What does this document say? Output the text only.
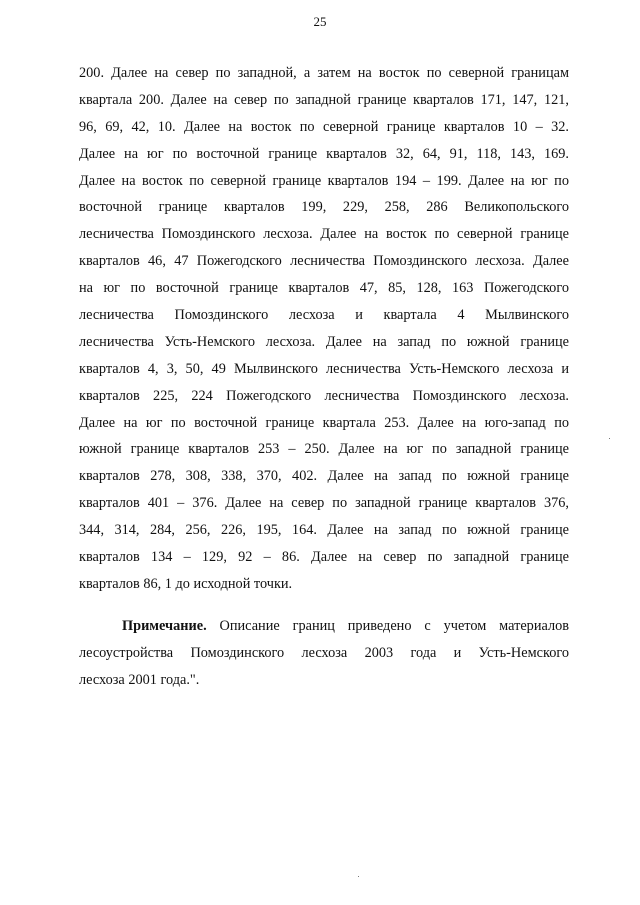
25
200. Далее на север по западной, а затем на восток по северной границам
квартала 200. Далее на север по западной границе кварталов 171, 147, 121,
96, 69, 42, 10. Далее на восток по северной границе кварталов 10 – 32.
Далее на юг по восточной границе кварталов 32, 64, 91, 118, 143, 169.
Далее на восток по северной границе кварталов 194 – 199. Далее на юг по
восточной границе кварталов 199, 229, 258, 286 Великопольского
лесничества Помоздинского лесхоза. Далее на восток по северной границе
кварталов 46, 47 Пожегодского лесничества Помоздинского лесхоза. Далее
на юг по восточной границе кварталов 47, 85, 128, 163 Пожегодского
лесничества Помоздинского лесхоза и квартала 4 Мылвинского
лесничества Усть-Немского лесхоза. Далее на запад по южной границе
кварталов 4, 3, 50, 49 Мылвинского лесничества Усть-Немского лесхоза и
кварталов 225, 224 Пожегодского лесничества Помоздинского лесхоза.
Далее на юг по восточной границе квартала 253. Далее на юго-запад по
южной границе кварталов 253 – 250. Далее на юг по западной границе
кварталов 278, 308, 338, 370, 402. Далее на запад по южной границе
кварталов 401 – 376. Далее на север по западной границе кварталов 376,
344, 314, 284, 256, 226, 195, 164. Далее на запад по южной границе
кварталов 134 – 129, 92 – 86. Далее на север по западной границе
кварталов 86, 1 до исходной точки.
Примечание. Описание границ приведено с учетом материалов
лесоустройства Помоздинского лесхоза 2003 года и Усть-Немского
лесхоза 2001 года.".
